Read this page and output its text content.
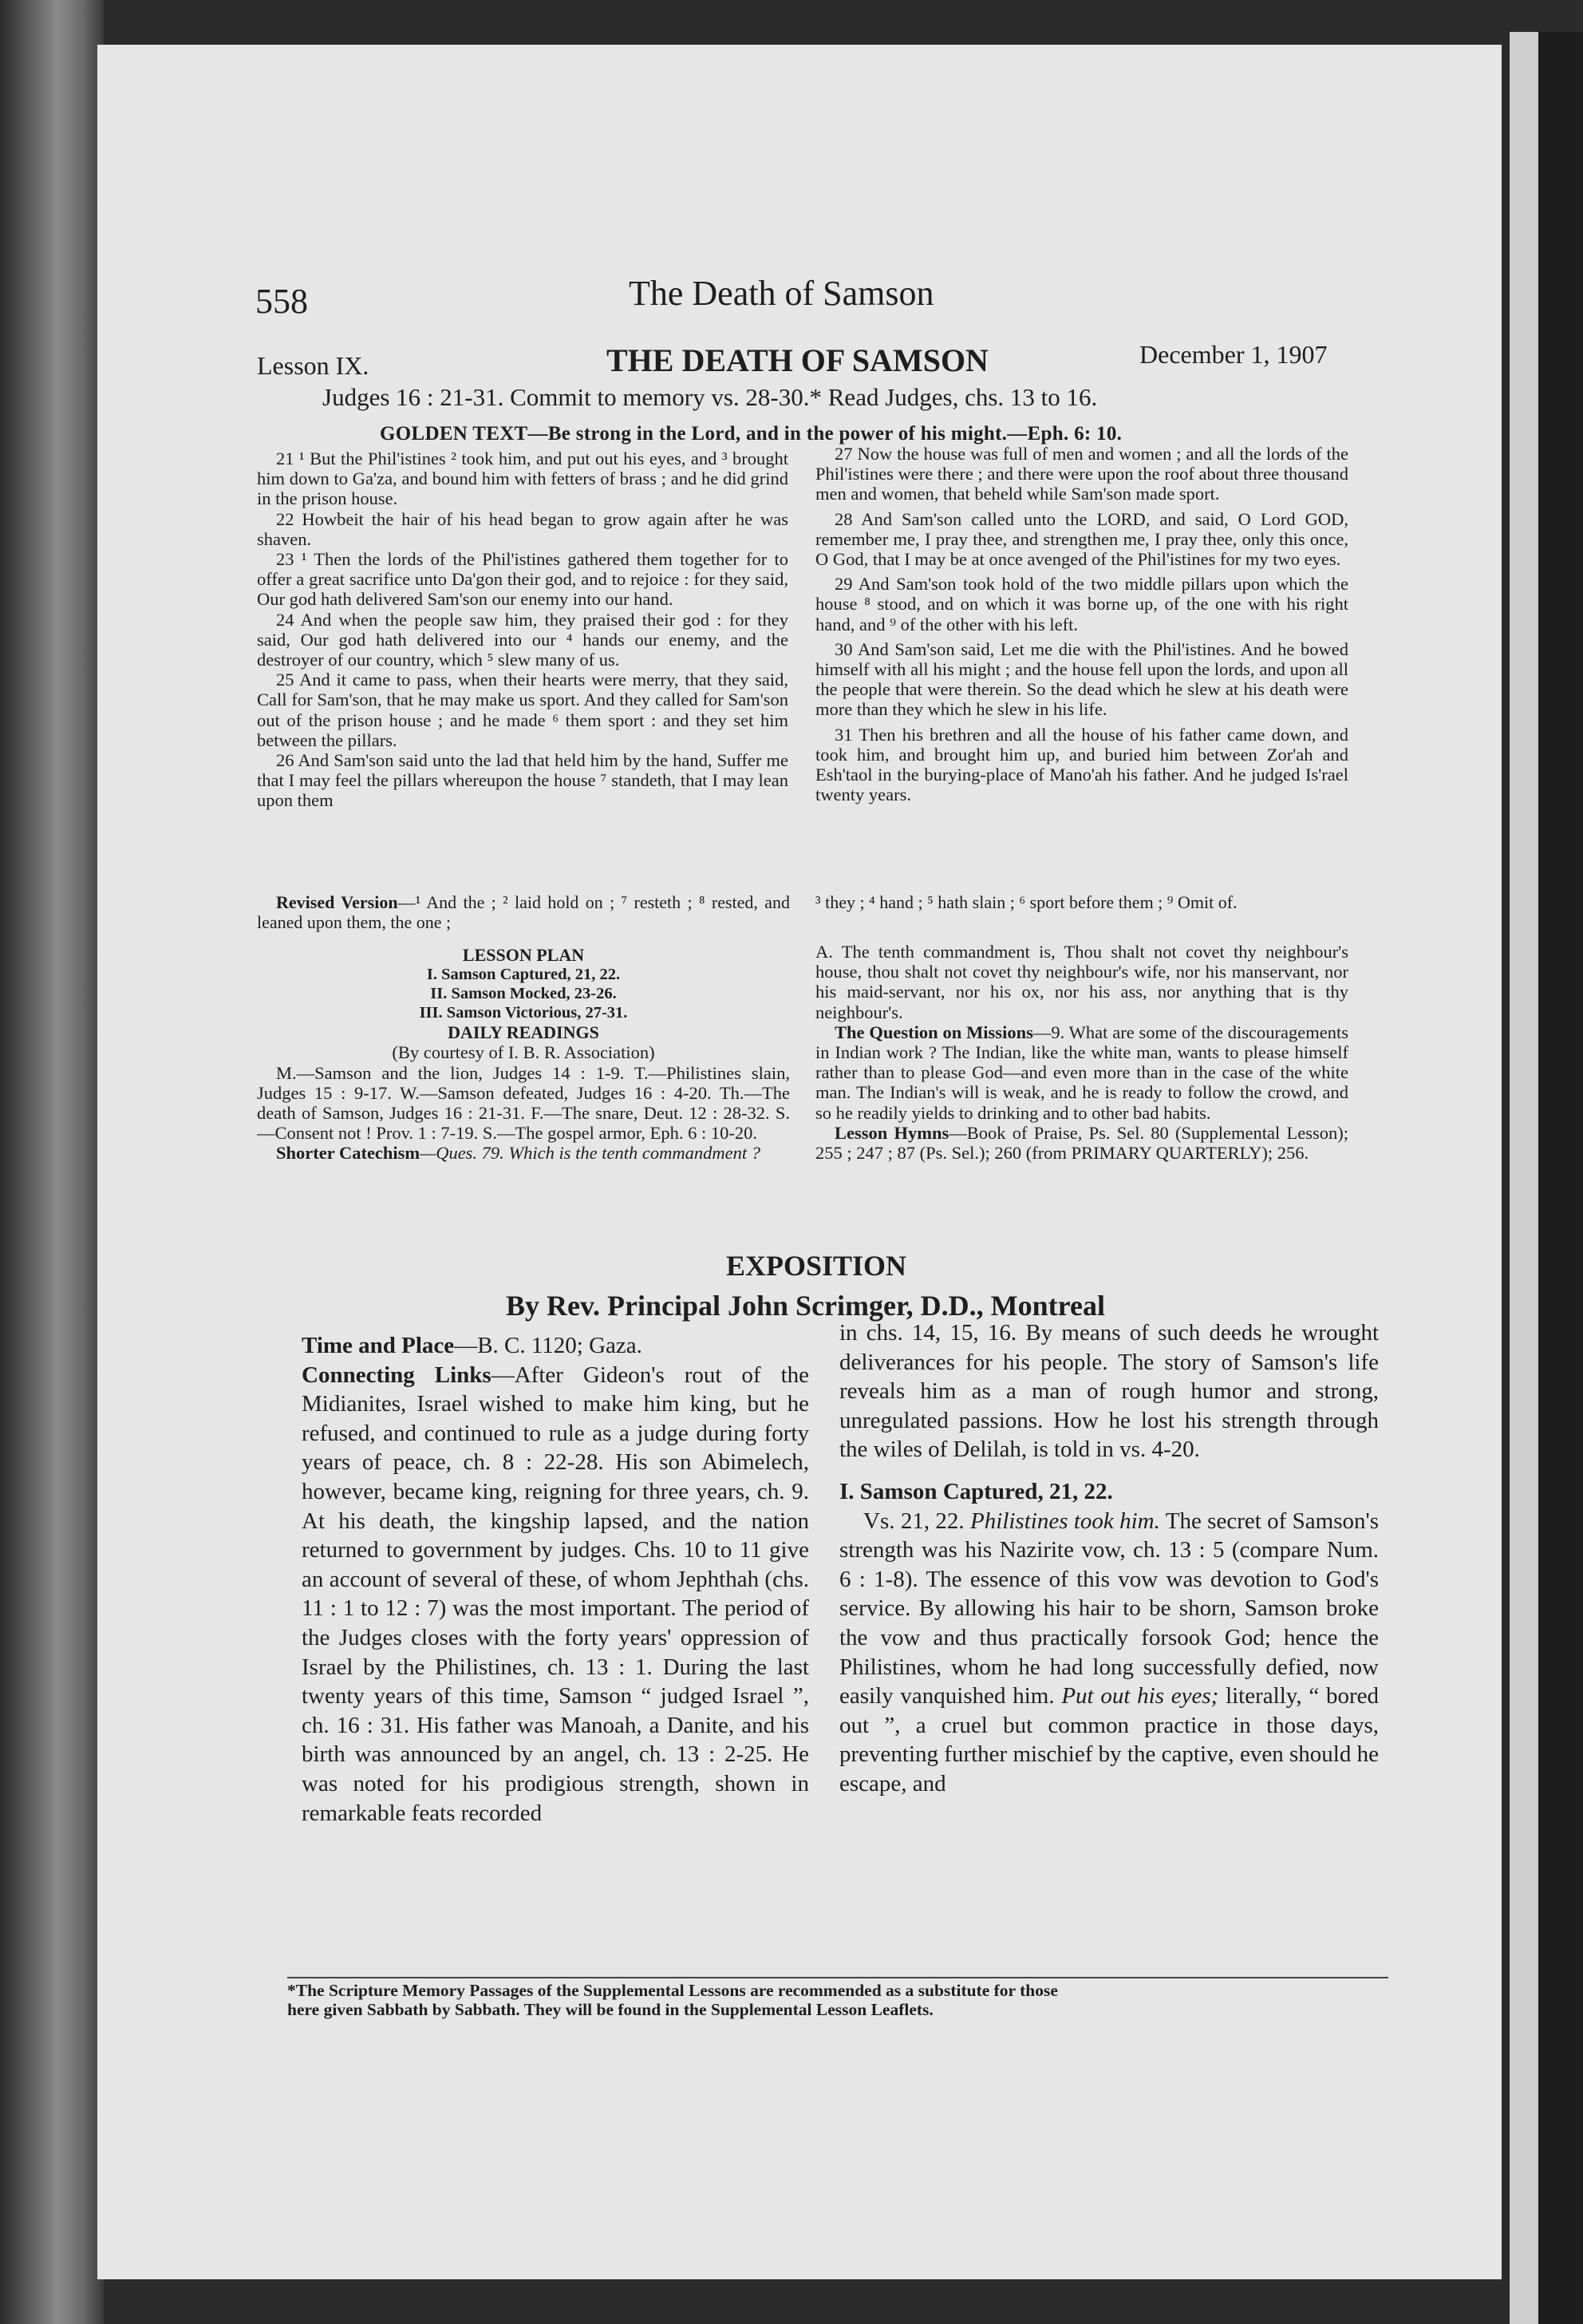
558	The Death of Samson
Lesson IX.	THE DEATH OF SAMSON	December 1, 1907
Judges 16 : 21-31. Commit to memory vs. 28-30.* Read Judges, chs. 13 to 16.
GOLDEN TEXT—Be strong in the Lord, and in the power of his might.—Eph. 6: 10.

21 ¹ But the Phil'istines ² took him, and put out his eyes, and ³ brought him down to Ga'za, and bound him with fetters of brass ; and he did grind in the prison house.

22 Howbeit the hair of his head began to grow again after he was shaven.

23 ¹ Then the lords of the Phil'istines gathered them together for to offer a great sacrifice unto Da'gon their god, and to rejoice : for they said, Our god hath delivered Sam'son our enemy into our hand.

24 And when the people saw him, they praised their god : for they said, Our god hath delivered into our ⁴ hands our enemy, and the destroyer of our country, which ⁵ slew many of us.

25 And it came to pass, when their hearts were merry, that they said, Call for Sam'son, that he may make us sport. And they called for Sam'son out of the prison house ; and he made ⁶ them sport : and they set him between the pillars.

26 And Sam'son said unto the lad that held him by the hand, Suffer me that I may feel the pillars whereupon the house ⁷ standeth, that I may lean upon them

27 Now the house was full of men and women ; and all the lords of the Phil'istines were there ; and there were upon the roof about three thousand men and women, that beheld while Sam'son made sport.

28 And Sam'son called unto the LORD, and said, O Lord GOD, remember me, I pray thee, and strengthen me, I pray thee, only this once, O God, that I may be at once avenged of the Phil'istines for my two eyes.

29 And Sam'son took hold of the two middle pillars upon which the house ⁸ stood, and on which it was borne up, of the one with his right hand, and ⁹ of the other with his left.

30 And Sam'son said, Let me die with the Phil'istines. And he bowed himself with all his might ; and the house fell upon the lords, and upon all the people that were therein. So the dead which he slew at his death were more than they which he slew in his life.

31 Then his brethren and all the house of his father came down, and took him, and brought him up, and buried him between Zor'ah and Esh'taol in the burying-place of Mano'ah his father. And he judged Is'rael twenty years.

Revised Version—¹ And the ; ² laid hold on ; ⁷ resteth ; ⁸ rested, and leaned upon them, the one ;

³ they ; ⁴ hand ; ⁵ hath slain ; ⁶ sport before them ; ⁹ Omit of.

LESSON PLAN

I. Samson Captured, 21, 22.

II. Samson Mocked, 23-26.

III. Samson Victorious, 27-31.

DAILY READINGS

(By courtesy of I. B. R. Association)

M.—Samson and the lion, Judges 14 : 1-9. T.—Philistines slain, Judges 15 : 9-17. W.—Samson defeated, Judges 16 : 4-20. Th.—The death of Samson, Judges 16 : 21-31. F.—The snare, Deut. 12 : 28-32. S.—Consent not ! Prov. 1 : 7-19. S.—The gospel armor, Eph. 6 : 10-20.

Shorter Catechism—Ques. 79. Which is the tenth commandment ?

A. The tenth commandment is, Thou shalt not covet thy neighbour's house, thou shalt not covet thy neighbour's wife, nor his manservant, nor his maid-servant, nor his ox, nor his ass, nor anything that is thy neighbour's.

The Question on Missions—9. What are some of the discouragements in Indian work ? The Indian, like the white man, wants to please himself rather than to please God—and even more than in the case of the white man. The Indian's will is weak, and he is ready to follow the crowd, and so he readily yields to drinking and to other bad habits.

Lesson Hymns—Book of Praise, Ps. Sel. 80 (Supplemental Lesson); 255 ; 247 ; 87 (Ps. Sel.); 260 (from PRIMARY QUARTERLY); 256.

EXPOSITION
By Rev. Principal John Scrimger, D.D., Montreal

Time and Place—B. C. 1120; Gaza.

Connecting Links—After Gideon's rout of the Midianites, Israel wished to make him king, but he refused, and continued to rule as a judge during forty years of peace, ch. 8 : 22-28. His son Abimelech, however, became king, reigning for three years, ch. 9. At his death, the kingship lapsed, and the nation returned to government by judges. Chs. 10 to 11 give an account of several of these, of whom Jephthah (chs. 11 : 1 to 12 : 7) was the most important. The period of the Judges closes with the forty years' oppression of Israel by the Philistines, ch. 13 : 1. During the last twenty years of this time, Samson “ judged Israel ”, ch. 16 : 31. His father was Manoah, a Danite, and his birth was announced by an angel, ch. 13 : 2-25. He was noted for his prodigious strength, shown in remarkable feats recorded

in chs. 14, 15, 16. By means of such deeds he wrought deliverances for his people. The story of Samson's life reveals him as a man of rough humor and strong, unregulated passions. How he lost his strength through the wiles of Delilah, is told in vs. 4-20.

I. Samson Captured, 21, 22.

Vs. 21, 22. Philistines took him. The secret of Samson's strength was his Nazirite vow, ch. 13 : 5 (compare Num. 6 : 1-8). The essence of this vow was devotion to God's service. By allowing his hair to be shorn, Samson broke the vow and thus practically forsook God; hence the Philistines, whom he had long successfully defied, now easily vanquished him. Put out his eyes; literally, “ bored out ”, a cruel but common practice in those days, preventing further mischief by the captive, even should he escape, and

*The Scripture Memory Passages of the Supplemental Lessons are recommended as a substitute for those
here given Sabbath by Sabbath. They will be found in the Supplemental Lesson Leaflets.
